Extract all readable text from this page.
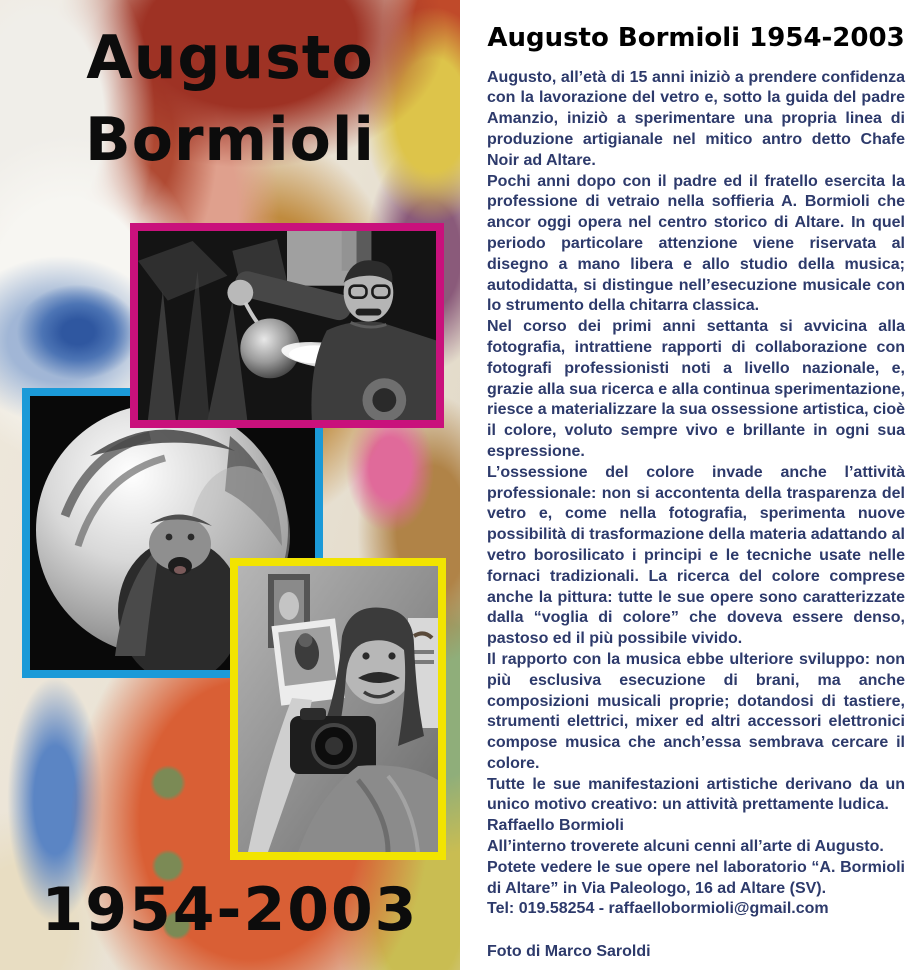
Augusto
Bormioli
1954-2003
Augusto Bormioli 1954-2003

Augusto, all’età di 15 anni iniziò a prendere confidenza con la lavorazione del vetro e, sotto la guida del padre Amanzio, iniziò a sperimentare una propria linea di produzione artigianale nel mitico antro detto Chafe Noir ad Altare.

Pochi anni dopo con il padre ed il fratello esercita la professione di vetraio nella soffieria A. Bormioli che ancor oggi opera nel centro storico di Altare. In quel periodo particolare attenzione viene riservata al disegno a mano libera e allo studio della musica; autodidatta, si distingue nell’esecuzione musicale con lo strumento della chitarra classica.

Nel corso dei primi anni settanta si avvicina alla fotografia, intrattiene rapporti di collaborazione con fotografi professionisti noti a livello nazionale, e, grazie alla sua ricerca e alla continua sperimentazione, riesce a materializzare la sua ossessione artistica, cioè il colore, voluto sempre vivo e brillante in ogni sua espressione.

L’ossessione del colore invade anche l’attività professionale: non si accontenta della trasparenza del vetro e, come nella fotografia, sperimenta nuove possibilità di trasformazione della materia adattando al vetro borosilicato i principi e le tecniche usate nelle fornaci tradizionali. La ricerca del colore comprese anche la pittura: tutte le sue opere sono caratterizzate dalla “voglia di colore” che doveva essere denso, pastoso ed il più possibile vivido.

Il rapporto con la musica ebbe ulteriore sviluppo: non più esclusiva esecuzione di brani, ma anche composizioni musicali proprie; dotandosi di tastiere, strumenti elettrici, mixer ed altri accessori elettronici compose musica che anch’essa sembrava cercare il colore.

Tutte le sue manifestazioni artistiche derivano da un unico motivo creativo: un attività prettamente ludica.

Raffaello Bormioli

All’interno troverete alcuni cenni all’arte di Augusto.

Potete vedere le sue opere nel laboratorio “A. Bormioli di Altare” in Via Paleologo, 16 ad Altare (SV).

Tel: 019.58254 - raffaellobormioli@gmail.com

Foto di Marco Saroldi
